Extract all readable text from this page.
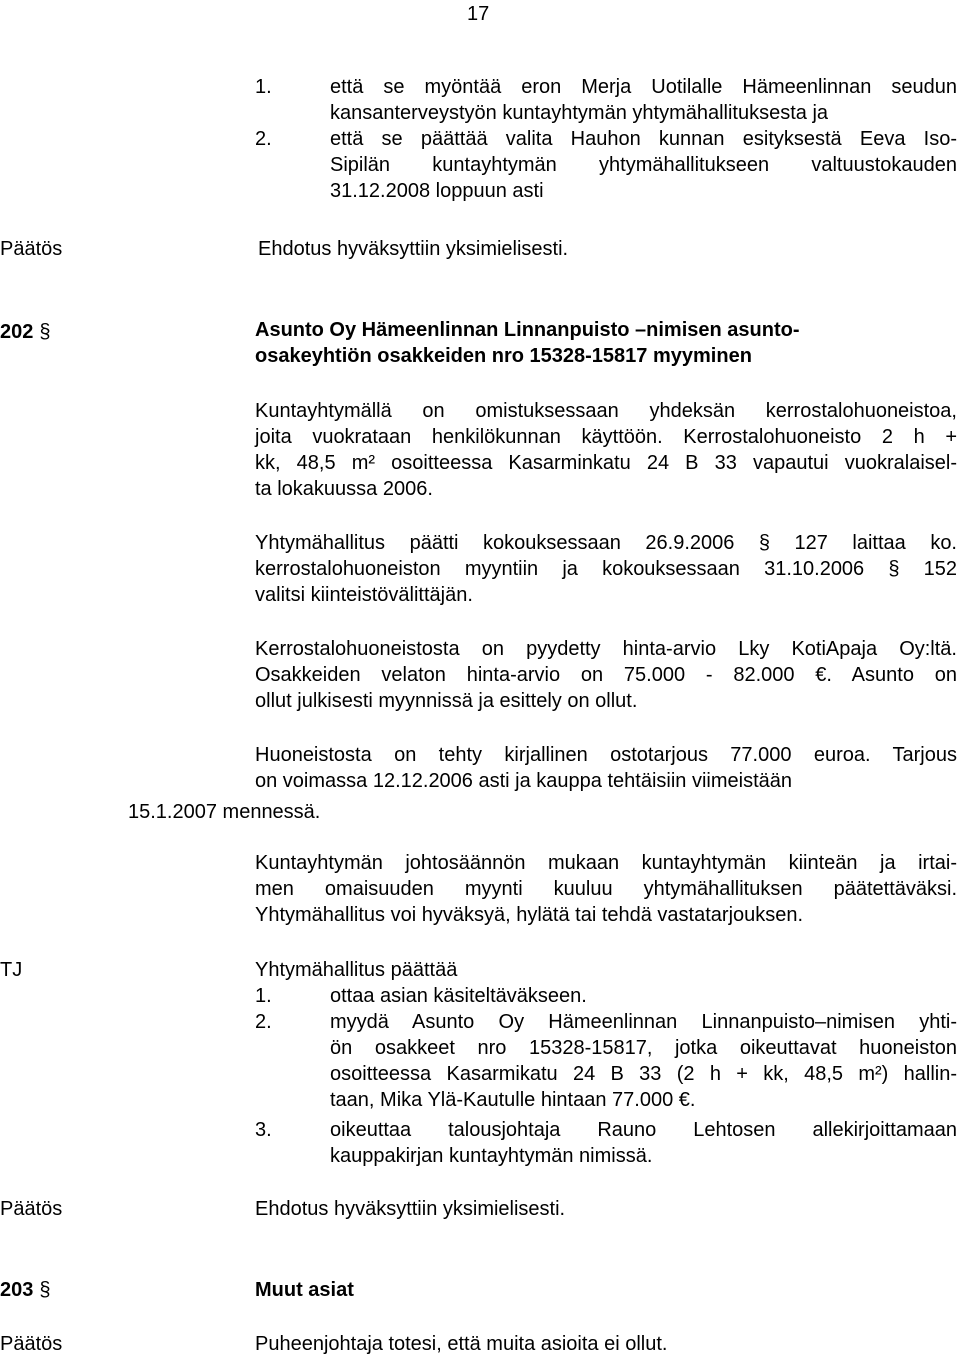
17
1.	että se myöntää eron Merja Uotilalle Hämeenlinnan seudun
kansanterveystyön kuntayhtymän yhtymähallituksesta ja
2.	että se päättää valita Hauhon kunnan esityksestä Eeva Iso-
Sipilän kuntayhtymän yhtymähallitukseen valtuustokauden
31.12.2008 loppuun asti
Päätös	Ehdotus hyväksyttiin yksimielisesti.
202 §	Asunto Oy Hämeenlinnan Linnanpuisto –nimisen asunto-
osakeyhtiön osakkeiden nro 15328-15817 myyminen
Kuntayhtymällä on omistuksessaan yhdeksän kerrostalohuoneistoa,
joita vuokrataan henkilökunnan käyttöön. Kerrostalohuoneisto 2 h +
kk, 48,5 m² osoitteessa Kasarminkatu 24 B 33 vapautui vuokralaisel-
ta lokakuussa 2006.
Yhtymähallitus päätti kokouksessaan 26.9.2006 § 127 laittaa ko.
kerrostalohuoneiston myyntiin ja kokouksessaan 31.10.2006 § 152
valitsi kiinteistövälittäjän.
Kerrostalohuoneistosta on pyydetty hinta-arvio Lky KotiApaja Oy:ltä.
Osakkeiden velaton hinta-arvio on 75.000 - 82.000 €. Asunto on
ollut julkisesti myynnissä ja esittely on ollut.
Huoneistosta on tehty kirjallinen ostotarjous 77.000 euroa. Tarjous
on voimassa 12.12.2006 asti ja kauppa tehtäisiin viimeistään
15.1.2007 mennessä.
Kuntayhtymän johtosäännön mukaan kuntayhtymän kiinteän ja irtai-
men omaisuuden myynti kuuluu yhtymähallituksen päätettäväksi.
Yhtymähallitus voi hyväksyä, hylätä tai tehdä vastatarjouksen.
TJ	Yhtymähallitus päättää
1.	ottaa asian käsiteltäväkseen.
2.	myydä Asunto Oy Hämeenlinnan Linnanpuisto–nimisen yhti-
ön osakkeet nro 15328-15817, jotka oikeuttavat huoneiston
osoitteessa Kasarmikatu 24 B 33 (2 h + kk, 48,5 m²) hallin-
taan, Mika Ylä-Kautulle hintaan 77.000 €.
3.	oikeuttaa talousjohtaja Rauno Lehtosen allekirjoittamaan
kauppakirjan kuntayhtymän nimissä.
Päätös	Ehdotus hyväksyttiin yksimielisesti.
203 §	Muut asiat
Päätös	Puheenjohtaja totesi, että muita asioita ei ollut.
